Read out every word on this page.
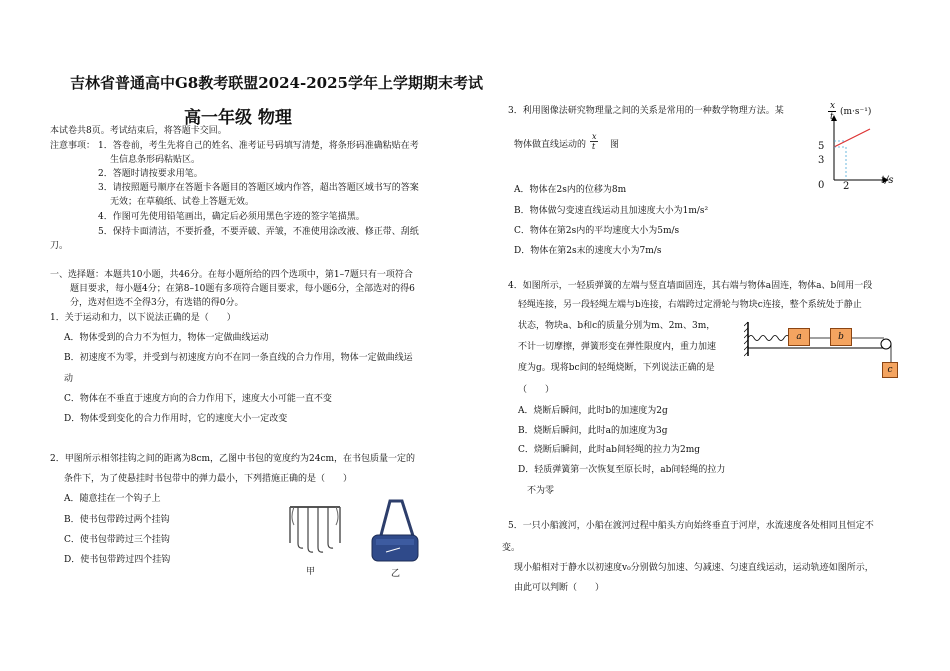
吉林省普通高中G8教考联盟2024-2025学年上学期期末考试
高一年级 物理
本试卷共8页。考试结束后，将答题卡交回。
注意事项： 1．答卷前，考生先将自己的姓名、准考证号码填写清楚，将条形码准确粘贴在考
生信息条形码粘贴区。
2．答题时请按要求用笔。
3．请按照题号顺序在答题卡各题目的答题区域内作答，超出答题区域书写的答案
无效；在草稿纸、试卷上答题无效。
4．作图可先使用铅笔画出，确定后必须用黑色字迹的签字笔描黑。
5．保持卡面清洁，不要折叠，不要弄破、弄皱，不准使用涂改液、修正带、刮纸
刀。
一、选择题：本题共10小题，共46分。在每小题所给的四个选项中，第1–7题只有一项符合
题目要求，每小题4分；在第8–10题有多项符合题目要求，每小题6分，全部选对的得6
分，选对但选不全得3分，有选错的得0分。
1．关于运动和力，以下说法正确的是（　　）
A．物体受到的合力不为恒力，物体一定做曲线运动
B．初速度不为零，并受到与初速度方向不在同一条直线的合力作用，物体一定做曲线运
动
C．物体在不垂直于速度方向的合力作用下，速度大小可能一直不变
D．物体受到变化的合力作用时，它的速度大小一定改变
2．甲图所示相邻挂钩之间的距离为8cm，乙图中书包的宽度约为24cm，在书包质量一定的
条件下，为了使悬挂时书包带中的弹力最小，下列措施正确的是（　　）
A．随意挂在一个钩子上
B．使书包带跨过两个挂钩
C．使书包带跨过三个挂钩
D．使书包带跨过四个挂钩
甲	乙
3．利用图像法研究物理量之间的关系是常用的一种数学物理方法。某
物体做直线运动的
x
t 图
A．物体在2s内的位移为8m
B．物体做匀变速直线运动且加速度大小为1m/s²
C．物体在第2s内的平均速度大小为5m/s
D．物体在第2s末的速度大小为7m/s
x
t (m·s⁻¹)
5
3
0 2
t/s
4．如图所示，一轻质弹簧的左端与竖直墙面固连，其右端与物体a固连，物体a、b间用一段
轻绳连接，另一段轻绳左端与b连接，右端跨过定滑轮与物块c连接，整个系统处于静止
状态，物块a、b和c的质量分别为m、2m、3m，
不计一切摩擦，弹簧形变在弹性限度内，重力加速
度为g。现将bc间的轻绳烧断，下列说法正确的是
（　　）
A．烧断后瞬间，此时b的加速度为2g
B．烧断后瞬间，此时a的加速度为3g
C．烧断后瞬间，此时ab间轻绳的拉力为2mg
D．轻质弹簧第一次恢复至原长时，ab间轻绳的拉力
不为零
a	b
c
5．一只小船渡河，小船在渡河过程中船头方向始终垂直于河岸，水流速度各处相同且恒定不
变。
现小船相对于静水以初速度v₀分别做匀加速、匀减速、匀速直线运动，运动轨迹如图所示，
由此可以判断（　　）
